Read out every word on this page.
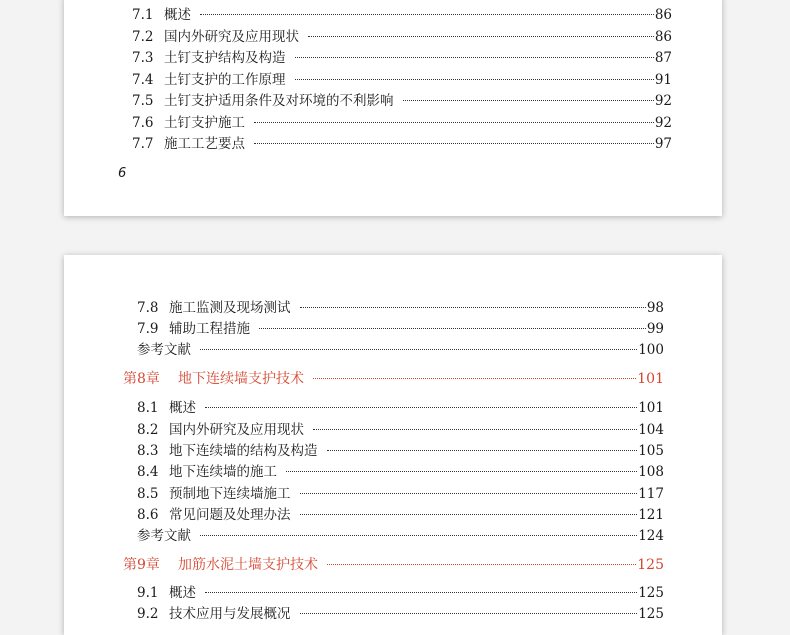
7.1 概述	86
7.2 国内外研究及应用现状	86
7.3 土钉支护结构及构造	87
7.4 土钉支护的工作原理	91
7.5 土钉支护适用条件及对环境的不利影响	92
7.6 土钉支护施工	92
7.7 施工工艺要点	97
6
7.8 施工监测及现场测试	98
7.9 辅助工程措施	99
参考文献	100
第8章	地下连续墙支护技术	101
8.1 概述	101
8.2 国内外研究及应用现状	104
8.3 地下连续墙的结构及构造	105
8.4 地下连续墙的施工	108
8.5 预制地下连续墙施工	117
8.6 常见问题及处理办法	121
参考文献	124
第9章	加筋水泥土墙支护技术	125
9.1 概述	125
9.2 技术应用与发展概况	125
